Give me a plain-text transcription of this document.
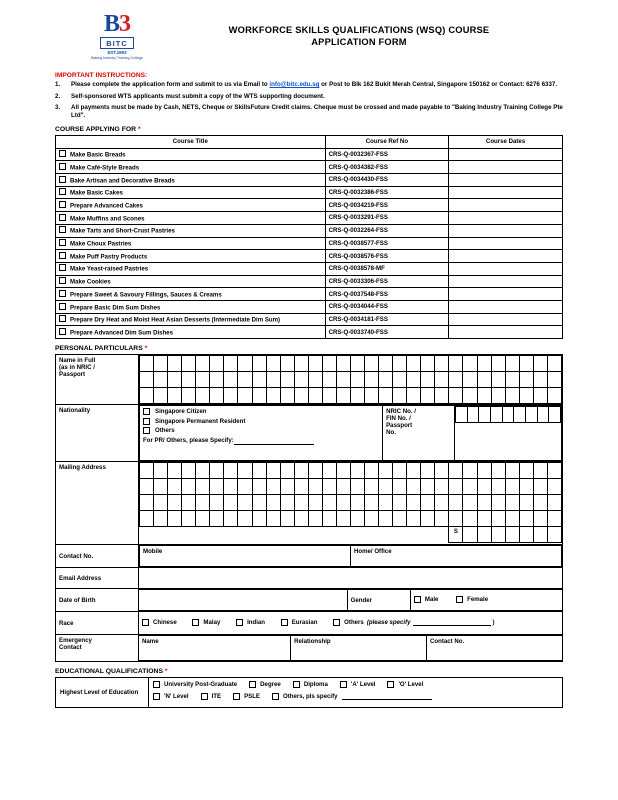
B3
BITC
EST.1993
Baking Industry Training College
WORKFORCE SKILLS QUALIFICATIONS (WSQ) COURSE
APPLICATION FORM
IMPORTANT INSTRUCTIONS:
1.	Please complete the application form and submit to us via Email to info@bitc.edu.sg or Post to Blk 162 Bukit Merah Central, Singapore 150162 or Contact: 6276 6337.
2.	Self-sponsored WTS applicants must submit a copy of the WTS supporting document.
3.	All payments must be made by Cash, NETS, Cheque or SkillsFuture Credit claims. Cheque must be crossed and made payable to "Baking Industry Training College Pte Ltd".
COURSE APPLYING FOR *
Course Title	Course Ref No	Course Dates
Make Basic Breads	CRS-Q-0032367-FSS	
Make Café-Style Breads	CRS-Q-0034382-FSS	
Bake Artisan and Decorative Breads	CRS-Q-0034430-FSS	
Make Basic Cakes	CRS-Q-0032386-FSS	
Prepare Advanced Cakes	CRS-Q-0034219-FSS	
Make Muffins and Scones	CRS-Q-0033291-FSS	
Make Tarts and Short-Crust Pastries	CRS-Q-0032264-FSS	
Make Choux Pastries	CRS-Q-0038577-FSS	
Make Puff Pastry Products	CRS-Q-0038576-FSS	
Make Yeast-raised Pastries	CRS-Q-0038578-MF	
Make Cookies	CRS-Q-0033306-FSS	
Prepare Sweet & Savoury Fillings, Sauces & Creams	CRS-Q-0037548-FSS	
Prepare Basic Dim Sum Dishes	CRS-Q-0034044-FSS	
Prepare Dry Heat and Moist Heat Asian Desserts (Intermediate Dim Sum)	CRS-Q-0034181-FSS	
Prepare Advanced Dim Sum Dishes	CRS-Q-0033740-FSS	
PERSONAL PARTICULARS *
Name in Full
(as in NRIC /
Passport

Nationality		Singapore Citizen
Singapore Permanent Resident
Others
For PR/ Others, please Specify:

NRIC No. /
FIN No. /
Passport
No.

Mailing Address	

	S							

Contact No.	
Mobile	Home/ Office

Email Address	
Date of Birth	
		Gender	Male
	Female

Race	Chinese
	Malay
	Indian
	Eurasian
	Others (please specify	)

Emergency
Contact

Name	Relationship	Contact No.
EDUCATIONAL QUALIFICATIONS *
Highest Level of Education	
University Post-Graduate	Degree	Diploma	'A' Level	'O' Level
'N' Level	ITE	PSLE	Others, pls specify
